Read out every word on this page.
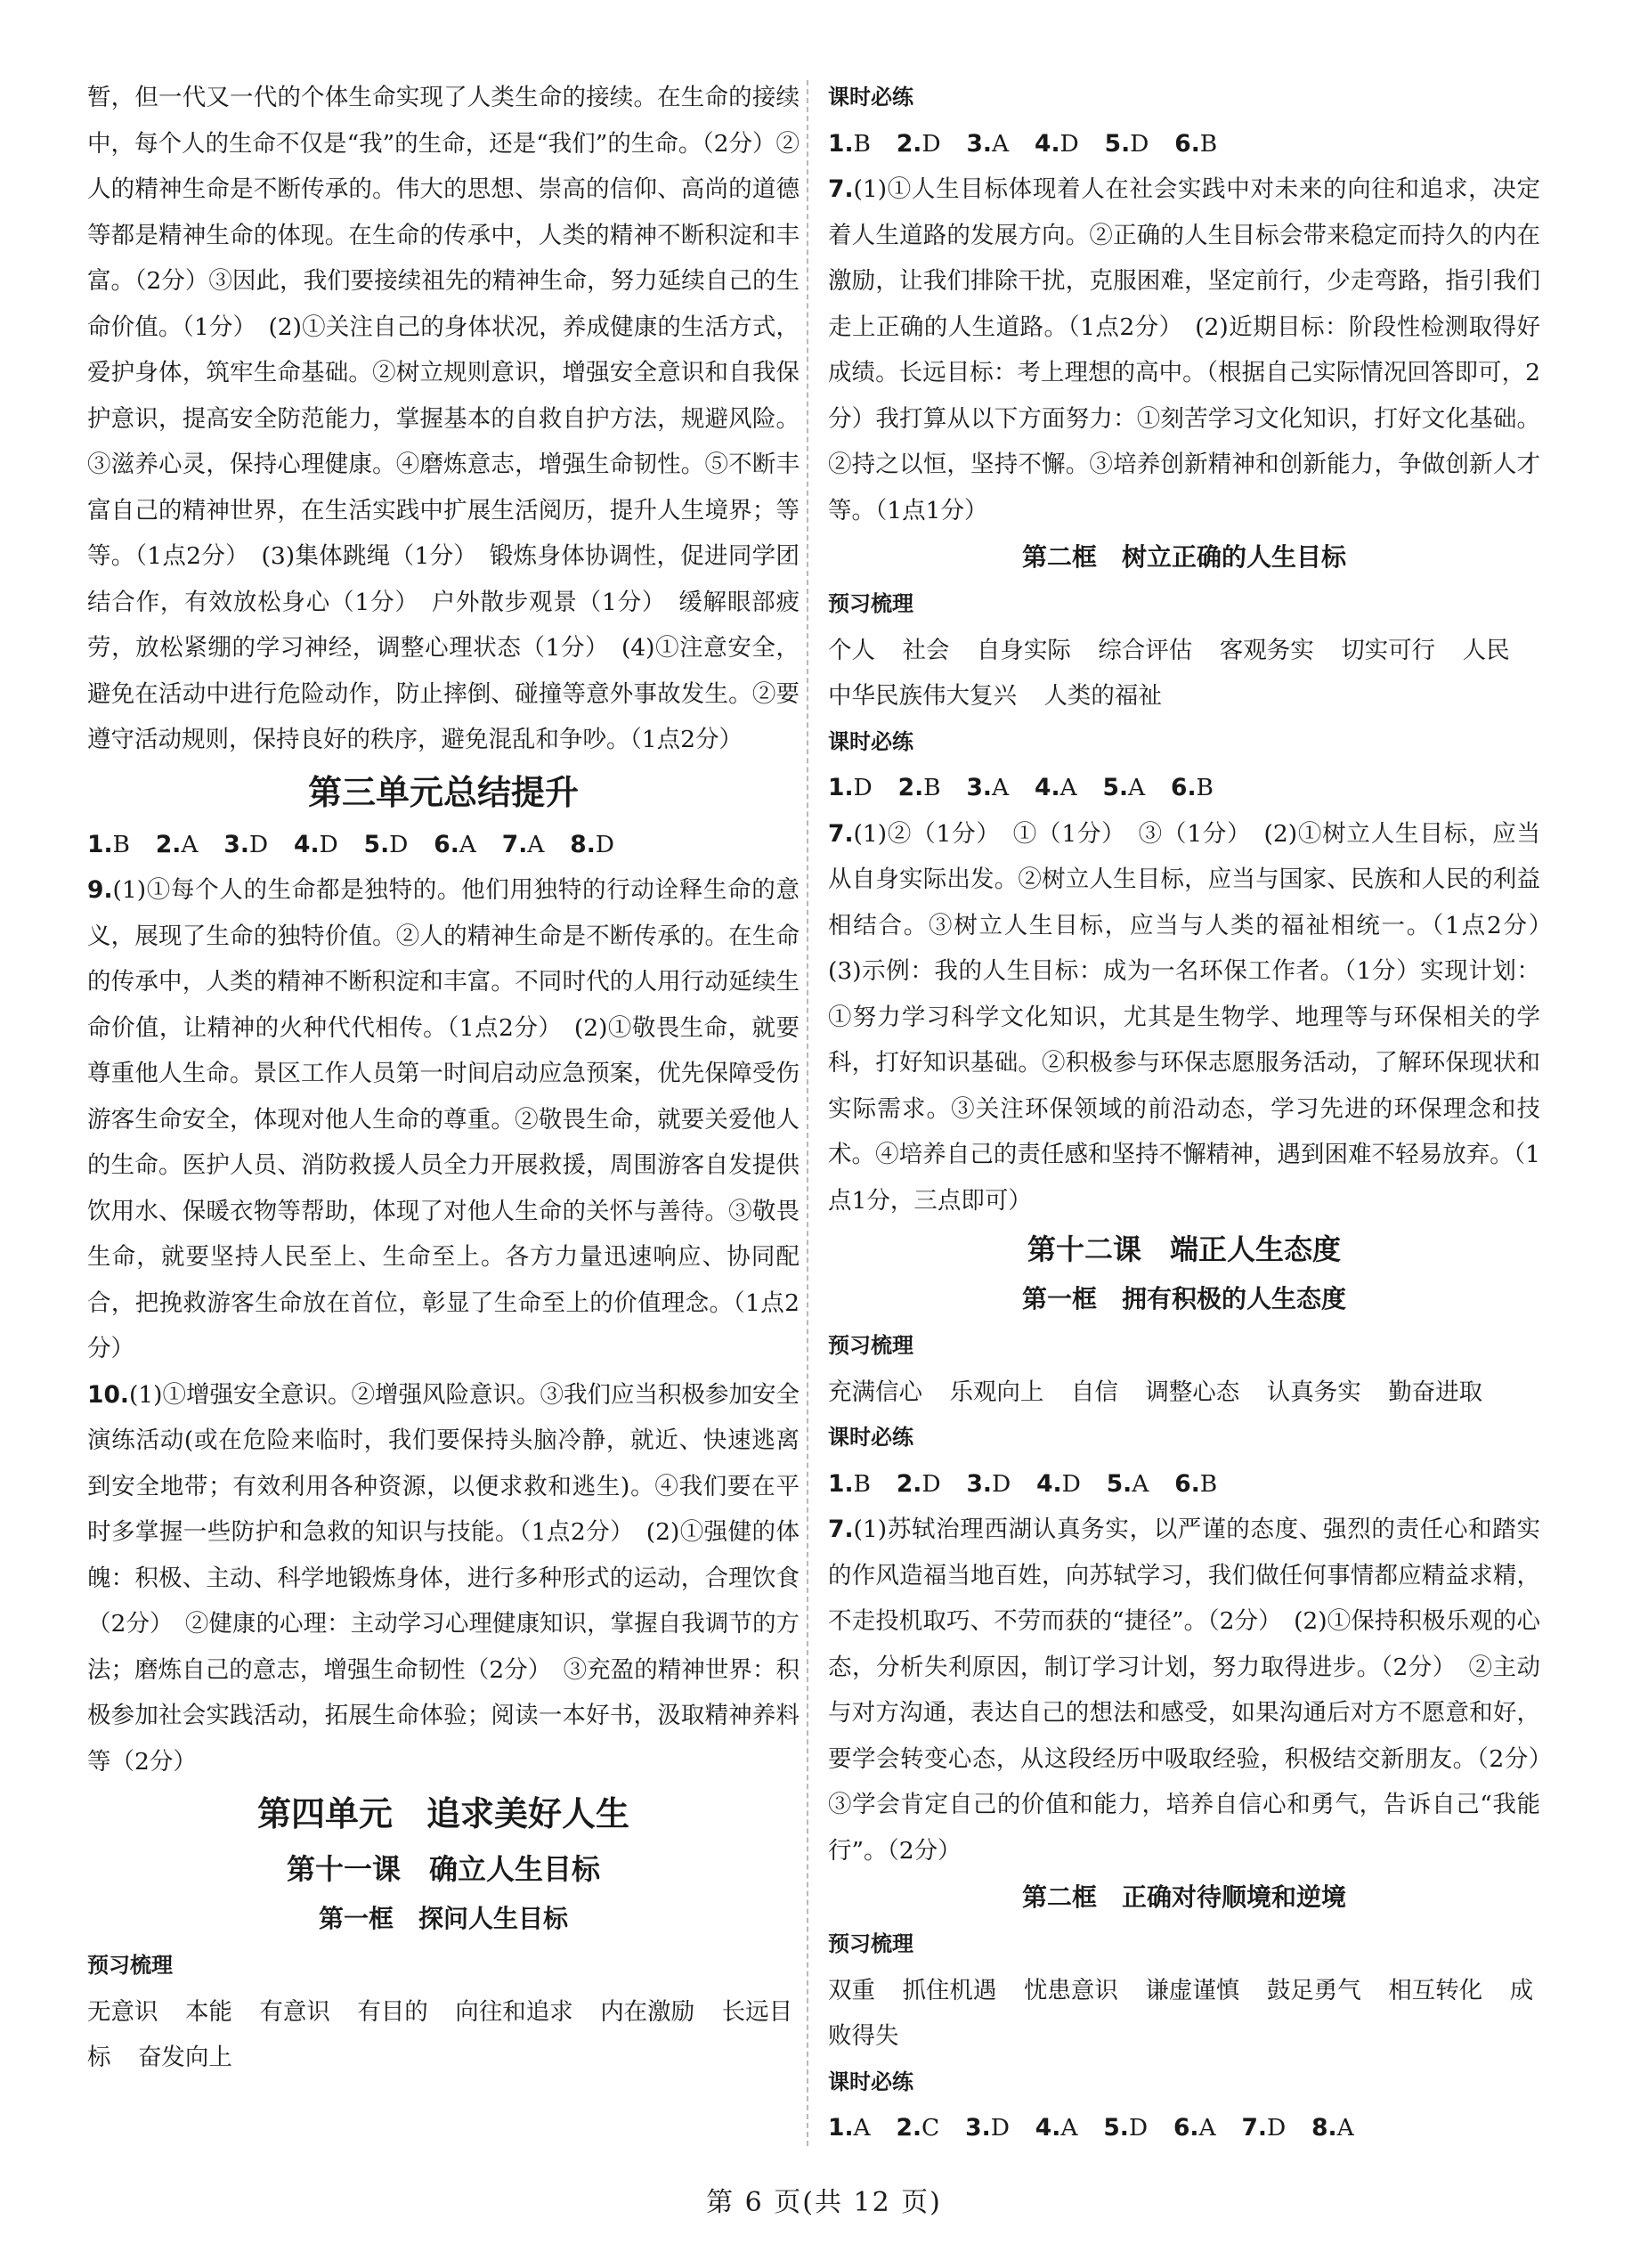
暂，但一代又一代的个体生命实现了人类生命的接续。在生命的接续中，每个人的生命不仅是“我”的生命，还是“我们”的生命。（2分）②人的精神生命是不断传承的。伟大的思想、崇高的信仰、高尚的道德等都是精神生命的体现。在生命的传承中，人类的精神不断积淀和丰富。（2分）③因此，我们要接续祖先的精神生命，努力延续自己的生命价值。（1分）　(2)①关注自己的身体状况，养成健康的生活方式，爱护身体，筑牢生命基础。②树立规则意识，增强安全意识和自我保护意识，提高安全防范能力，掌握基本的自救自护方法，规避风险。③滋养心灵，保持心理健康。④磨炼意志，增强生命韧性。⑤不断丰富自己的精神世界，在生活实践中扩展生活阅历，提升人生境界；等等。（1点2分）　(3)集体跳绳（1分）　锻炼身体协调性，促进同学团结合作，有效放松身心（1分）　户外散步观景（1分）　缓解眼部疲劳，放松紧绷的学习神经，调整心理状态（1分）　(4)①注意安全，避免在活动中进行危险动作，防止摔倒、碰撞等意外事故发生。②要遵守活动规则，保持良好的秩序，避免混乱和争吵。（1点2分）

第三单元总结提升

1.B 2.A 3.D 4.D 5.D 6.A 7.A 8.D

9.(1)①每个人的生命都是独特的。他们用独特的行动诠释生命的意义，展现了生命的独特价值。②人的精神生命是不断传承的。在生命的传承中，人类的精神不断积淀和丰富。不同时代的人用行动延续生命价值，让精神的火种代代相传。（1点2分）　(2)①敬畏生命，就要尊重他人生命。景区工作人员第一时间启动应急预案，优先保障受伤游客生命安全，体现对他人生命的尊重。②敬畏生命，就要关爱他人的生命。医护人员、消防救援人员全力开展救援，周围游客自发提供饮用水、保暖衣物等帮助，体现了对他人生命的关怀与善待。③敬畏生命，就要坚持人民至上、生命至上。各方力量迅速响应、协同配合，把挽救游客生命放在首位，彰显了生命至上的价值理念。（1点2分）

10.(1)①增强安全意识。②增强风险意识。③我们应当积极参加安全演练活动(或在危险来临时，我们要保持头脑冷静，就近、快速逃离到安全地带；有效利用各种资源，以便求救和逃生)。④我们要在平时多掌握一些防护和急救的知识与技能。（1点2分）　(2)①强健的体魄：积极、主动、科学地锻炼身体，进行多种形式的运动，合理饮食（2分）　②健康的心理：主动学习心理健康知识，掌握自我调节的方法；磨炼自己的意志，增强生命韧性（2分）　③充盈的精神世界：积极参加社会实践活动，拓展生命体验；阅读一本好书，汲取精神养料等（2分）

第四单元　追求美好人生
第十一课　确立人生目标
第一框　探问人生目标

预习梳理

无意识 本能 有意识 有目的 向往和追求 内在激励 长远目标 奋发向上

课时必练

1.B 2.D 3.A 4.D 5.D 6.B

7.(1)①人生目标体现着人在社会实践中对未来的向往和追求，决定着人生道路的发展方向。②正确的人生目标会带来稳定而持久的内在激励，让我们排除干扰，克服困难，坚定前行，少走弯路，指引我们走上正确的人生道路。（1点2分）　(2)近期目标：阶段性检测取得好成绩。长远目标：考上理想的高中。（根据自己实际情况回答即可，2分）我打算从以下方面努力：①刻苦学习文化知识，打好文化基础。②持之以恒，坚持不懈。③培养创新精神和创新能力，争做创新人才等。（1点1分）

第二框　树立正确的人生目标

预习梳理

个人 社会 自身实际 综合评估 客观务实 切实可行 人民 中华民族伟大复兴 人类的福祉

课时必练

1.D 2.B 3.A 4.A 5.A 6.B

7.(1)②（1分）　①（1分）　③（1分）　(2)①树立人生目标，应当从自身实际出发。②树立人生目标，应当与国家、民族和人民的利益相结合。③树立人生目标，应当与人类的福祉相统一。（1点2分）　(3)示例：我的人生目标：成为一名环保工作者。（1分）实现计划：①努力学习科学文化知识，尤其是生物学、地理等与环保相关的学科，打好知识基础。②积极参与环保志愿服务活动，了解环保现状和实际需求。③关注环保领域的前沿动态，学习先进的环保理念和技术。④培养自己的责任感和坚持不懈精神，遇到困难不轻易放弃。（1点1分，三点即可）

第十二课　端正人生态度
第一框　拥有积极的人生态度

预习梳理

充满信心 乐观向上 自信 调整心态 认真务实 勤奋进取

课时必练

1.B 2.D 3.D 4.D 5.A 6.B

7.(1)苏轼治理西湖认真务实，以严谨的态度、强烈的责任心和踏实的作风造福当地百姓，向苏轼学习，我们做任何事情都应精益求精，不走投机取巧、不劳而获的“捷径”。（2分）　(2)①保持积极乐观的心态，分析失利原因，制订学习计划，努力取得进步。（2分）　②主动与对方沟通，表达自己的想法和感受，如果沟通后对方不愿意和好，要学会转变心态，从这段经历中吸取经验，积极结交新朋友。（2分）　③学会肯定自己的价值和能力，培养自信心和勇气，告诉自己“我能行”。（2分）

第二框　正确对待顺境和逆境

预习梳理

双重 抓住机遇 忧患意识 谦虚谨慎 鼓足勇气 相互转化 成败得失

课时必练

1.A 2.C 3.D 4.A 5.D 6.A 7.D 8.A

第 6 页(共 12 页)
